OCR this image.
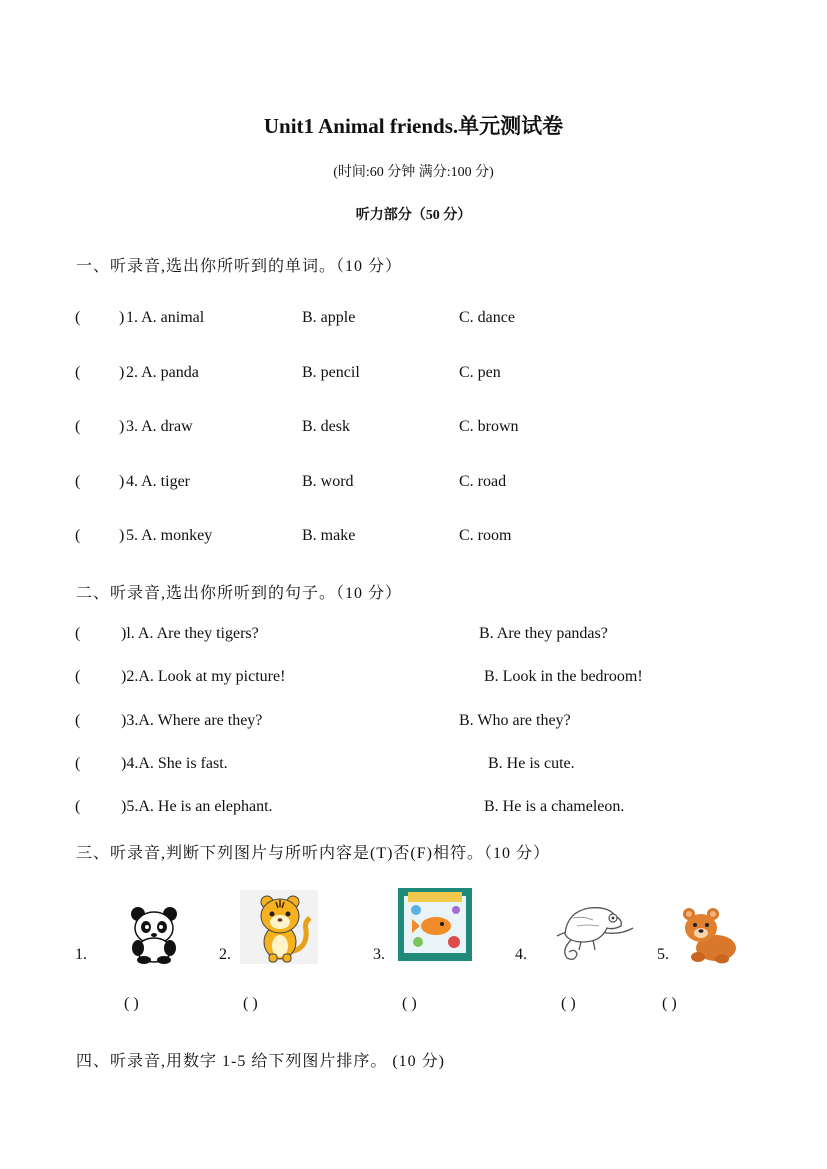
Unit1 Animal friends.单元测试卷
(时间:60 分钟 满分:100 分)
听力部分（50 分）
一、听录音,选出你所听到的单词。（10 分）
( ) 1. A. animal	B. apple	C. dance
( ) 2. A. panda	B. pencil	C. pen
( ) 3. A. draw	B. desk	C. brown
( ) 4. A. tiger	B. word	C. road
( ) 5. A. monkey	B. make	C. room
二、听录音,选出你所听到的句子。（10 分）
(	)l. A. Are they tigers?	B. Are they pandas?
(	)2.A. Look at my picture!	B. Look in the bedroom!
(	)3.A. Where are they?	B. Who are they?
(	)4.A. She is fast.	B. He is cute.
(	)5.A. He is an elephant.	B. He is a chameleon.
三、听录音,判断下列图片与所听内容是(T)否(F)相符。（10 分）
1.	2.	3.	4.	5.
( )	( )	( )	( )	( )
四、听录音,用数字 1-5 给下列图片排序。 (10 分)
